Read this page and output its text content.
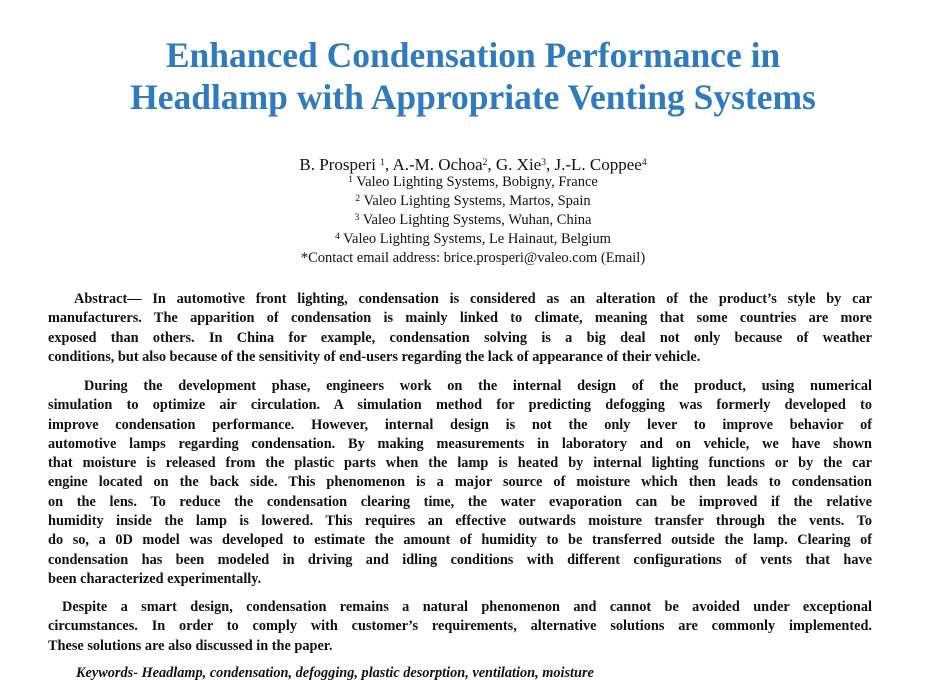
Enhanced Condensation Performance in
Headlamp with Appropriate Venting Systems
B. Prosperi $^1$, A.-M. Ochoa$^2$, G. Xie$^3$, J.-L. Coppee$^4$
$^1$ Valeo Lighting Systems, Bobigny, France
$^2$ Valeo Lighting Systems, Martos, Spain
$^3$ Valeo Lighting Systems, Wuhan, China
$^4$ Valeo Lighting Systems, Le Hainaut, Belgium
*Contact email address: brice.prosperi@valeo.com (Email)
Abstract— In automotive front lighting, condensation is considered as an alteration of the product’s style by car
manufacturers. The apparition of condensation is mainly linked to climate, meaning that some countries are more
exposed than others. In China for example, condensation solving is a big deal not only because of weather
conditions, but also because of the sensitivity of end-users regarding the lack of appearance of their vehicle.
During the development phase, engineers work on the internal design of the product, using numerical
simulation to optimize air circulation. A simulation method for predicting defogging was formerly developed to
improve condensation performance. However, internal design is not the only lever to improve behavior of
automotive lamps regarding condensation. By making measurements in laboratory and on vehicle, we have shown
that moisture is released from the plastic parts when the lamp is heated by internal lighting functions or by the car
engine located on the back side. This phenomenon is a major source of moisture which then leads to condensation
on the lens. To reduce the condensation clearing time, the water evaporation can be improved if the relative
humidity inside the lamp is lowered. This requires an effective outwards moisture transfer through the vents. To
do so, a 0D model was developed to estimate the amount of humidity to be transferred outside the lamp. Clearing of
condensation has been modeled in driving and idling conditions with different configurations of vents that have
been characterized experimentally.
Despite a smart design, condensation remains a natural phenomenon and cannot be avoided under exceptional
circumstances. In order to comply with customer’s requirements, alternative solutions are commonly implemented.
These solutions are also discussed in the paper.
Keywords- Headlamp, condensation, defogging, plastic desorption, ventilation, moisture
